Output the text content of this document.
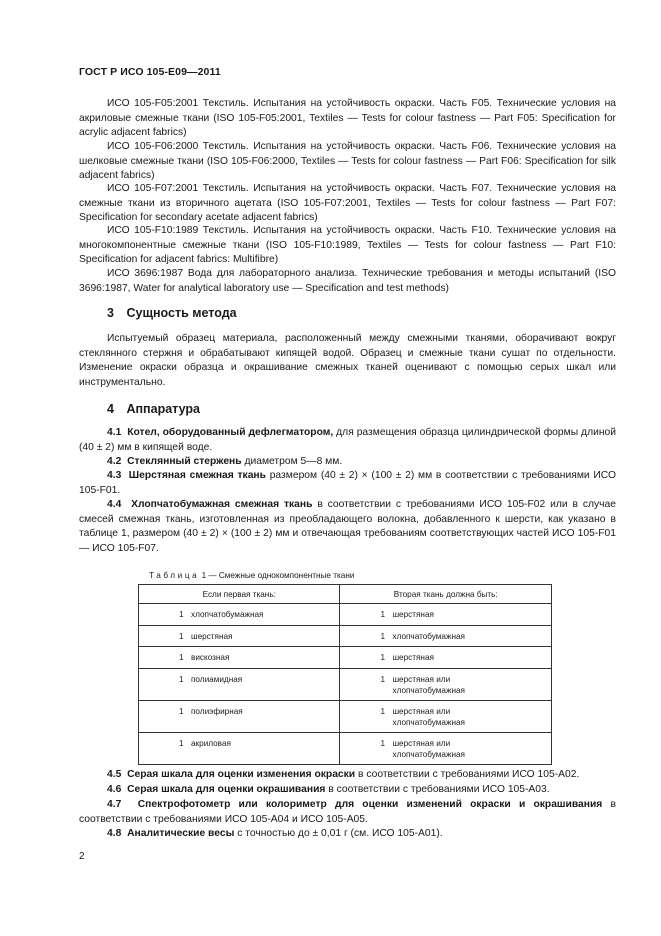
ГОСТ Р ИСО 105-E09—2011

ИСО 105-F05:2001 Текстиль. Испытания на устойчивость окраски. Часть F05. Технические условия на акриловые смежные ткани (ISO 105-F05:2001, Textiles — Tests for colour fastness — Part F05: Specification for acrylic adjacent fabrics)

ИСО 105-F06:2000 Текстиль. Испытания на устойчивость окраски. Часть F06. Технические условия на шелковые смежные ткани (ISO 105-F06:2000, Textiles — Tests for colour fastness — Part F06: Specification for silk adjacent fabrics)

ИСО 105-F07:2001 Текстиль. Испытания на устойчивость окраски. Часть F07. Технические условия на смежные ткани из вторичного ацетата (ISO 105-F07:2001, Textiles — Tests for colour fastness — Part F07: Specification for secondary acetate adjacent fabrics)

ИСО 105-F10:1989 Текстиль. Испытания на устойчивость окраски. Часть F10. Технические условия на многокомпонентные смежные ткани (ISO 105-F10:1989, Textiles — Tests for colour fastness — Part F10: Specification for adjacent fabrics: Multifibre)

ИСО 3696:1987 Вода для лабораторного анализа. Технические требования и методы испытаний (ISO 3696:1987, Water for analytical laboratory use — Specification and test methods)

3 Сущность метода

Испытуемый образец материала, расположенный между смежными тканями, оборачивают вокруг стеклянного стержня и обрабатывают кипящей водой. Образец и смежные ткани сушат по отдельности. Изменение окраски образца и окрашивание смежных тканей оценивают с помощью серых шкал или инструментально.

4 Аппаратура

4.1 Котел, оборудованный дефлегматором, для размещения образца цилиндрической формы длиной (40 ± 2) мм в кипящей воде.

4.2 Стеклянный стержень диаметром 5—8 мм.

4.3 Шерстяная смежная ткань размером (40 ± 2) × (100 ± 2) мм в соответствии с требованиями ИСО 105-F01.

4.4 Хлопчатобумажная смежная ткань в соответствии с требованиями ИСО 105-F02 или в случае смесей смежная ткань, изготовленная из преобладающего волокна, добавленного к шерсти, как указано в таблице 1, размером (40 ± 2) × (100 ± 2) мм и отвечающая требованиям соответствующих частей ИСО 105-F01 — ИСО 105-F07.

Таблица 1 — Смежные однокомпонентные ткани
Если первая ткань:	Вторая ткань должна быть:

1 хлопчатобумажная	1 шерстяная

1 шерстяная	1 хлопчатобумажная

1 вискозная	1 шерстяная

1 полиамидная	1 шерстяная или
хлопчатобумажная

1 полиэфирная	1 шерстяная или
хлопчатобумажная

1 акриловая	1 шерстяная или
хлопчатобумажная

4.5 Серая шкала для оценки изменения окраски в соответствии с требованиями ИСО 105-A02.

4.6 Серая шкала для оценки окрашивания в соответствии с требованиями ИСО 105-A03.

4.7 Спектрофотометр или колориметр для оценки изменений окраски и окрашивания в соответствии с требованиями ИСО 105-A04 и ИСО 105-A05.

4.8 Аналитические весы с точностью до ± 0,01 г (см. ИСО 105-A01).

2
